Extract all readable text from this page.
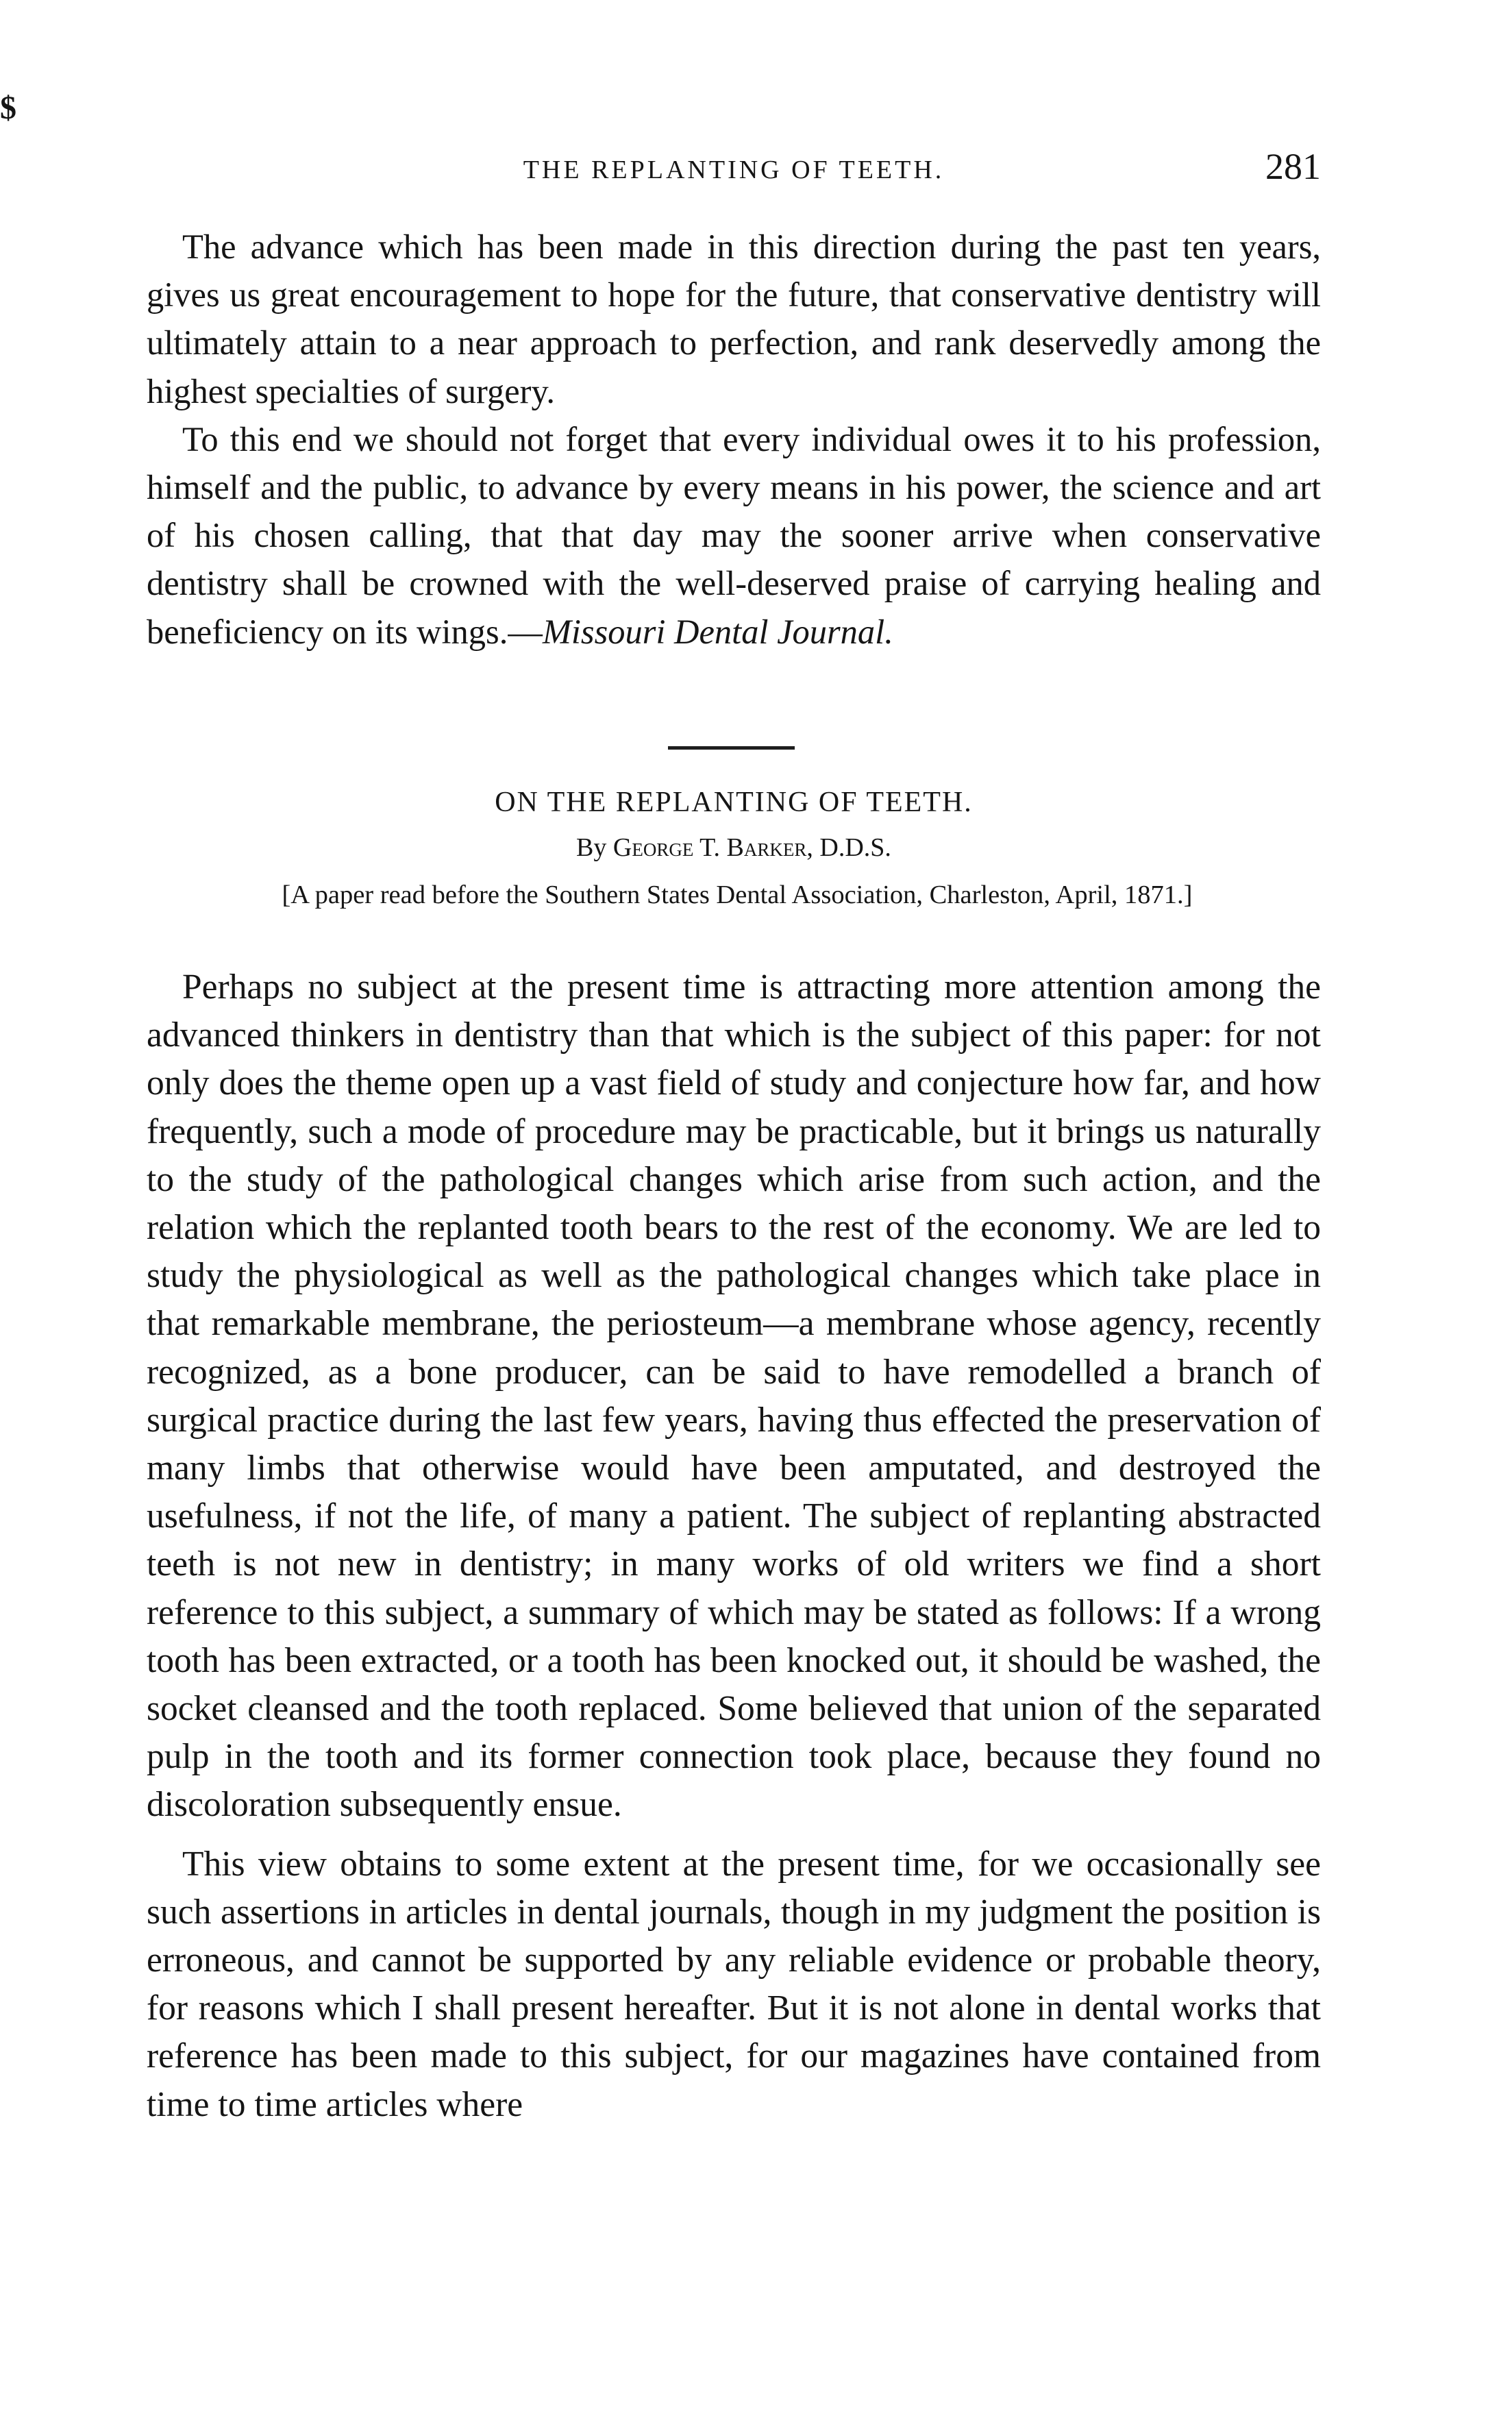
THE REPLANTING OF TEETH.	281
$

The advance which has been made in this direction during the past ten years, gives us great encouragement to hope for the future, that conservative dentistry will ultimately attain to a near approach to perfection, and rank deservedly among the highest specialties of surgery.

To this end we should not forget that every individual owes it to his profession, himself and the public, to advance by every means in his power, the science and art of his chosen calling, that that day may the sooner arrive when conservative dentistry shall be crowned with the well-deserved praise of carrying healing and beneficiency on its wings.—Missouri Dental Journal.

ON THE REPLANTING OF TEETH.
By George T. Barker, D.D.S.
[A paper read before the Southern States Dental Association, Charleston, April, 1871.]

Perhaps no subject at the present time is attracting more attention among the advanced thinkers in dentistry than that which is the subject of this paper: for not only does the theme open up a vast field of study and conjecture how far, and how frequently, such a mode of procedure may be practicable, but it brings us naturally to the study of the pathological changes which arise from such action, and the relation which the replanted tooth bears to the rest of the economy. We are led to study the physiological as well as the pathological changes which take place in that remarkable membrane, the periosteum—a membrane whose agency, recently recognized, as a bone producer, can be said to have remodelled a branch of surgical practice during the last few years, having thus effected the preservation of many limbs that otherwise would have been amputated, and destroyed the usefulness, if not the life, of many a patient. The subject of replanting abstracted teeth is not new in dentistry; in many works of old writers we find a short reference to this subject, a summary of which may be stated as follows: If a wrong tooth has been extracted, or a tooth has been knocked out, it should be washed, the socket cleansed and the tooth replaced. Some believed that union of the separated pulp in the tooth and its former connection took place, because they found no discoloration subsequently ensue.

This view obtains to some extent at the present time, for we occasionally see such assertions in articles in dental journals, though in my judgment the position is erroneous, and cannot be supported by any reliable evidence or probable theory, for reasons which I shall present hereafter. But it is not alone in dental works that reference has been made to this subject, for our magazines have contained from time to time articles where
